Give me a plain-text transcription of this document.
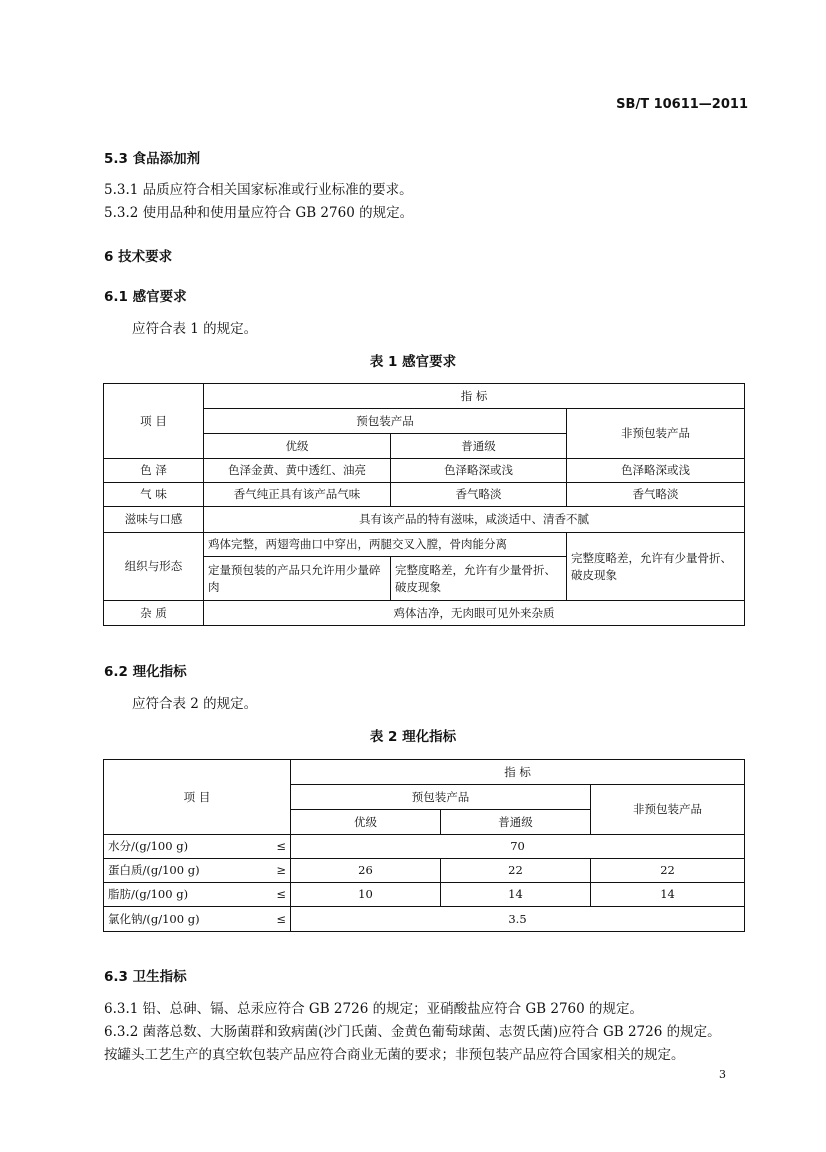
SB/T 10611—2011
5.3 食品添加剂
5.3.1 品质应符合相关国家标准或行业标准的要求。
5.3.2 使用品种和使用量应符合 GB 2760 的规定。
6 技术要求
6.1 感官要求
应符合表 1 的规定。
表 1 感官要求
项 目	指 标		
	预包装产品		非预包装产品
	优级	普通级	
色 泽	色泽金黄、黄中透红、油亮	色泽略深或浅	色泽略深或浅
气 味	香气纯正具有该产品气味	香气略淡	香气略淡
滋味与口感	具有该产品的特有滋味，咸淡适中、清香不腻		
组织与形态	鸡体完整，两翅弯曲口中穿出，两腿交叉入膛，骨肉能分离		完整度略差，允许有少量骨折、破皮现象
	定量预包装的产品只允许用少量碎肉	完整度略差，允许有少量骨折、破皮现象	
杂 质	鸡体洁净，无肉眼可见外来杂质		
6.2 理化指标
应符合表 2 的规定。
表 2 理化指标
项 目	指 标		
	预包装产品		非预包装产品
	优级	普通级	
水分/(g/100 g) ≤	70		
蛋白质/(g/100 g) ≥	26	22	22
脂肪/(g/100 g) ≤	10	14	14
氯化钠/(g/100 g) ≤	3.5		
6.3 卫生指标
6.3.1 铅、总砷、镉、总汞应符合 GB 2726 的规定；亚硝酸盐应符合 GB 2760 的规定。
6.3.2 菌落总数、大肠菌群和致病菌(沙门氏菌、金黄色葡萄球菌、志贺氏菌)应符合 GB 2726 的规定。
按罐头工艺生产的真空软包装产品应符合商业无菌的要求；非预包装产品应符合国家相关的规定。
3
